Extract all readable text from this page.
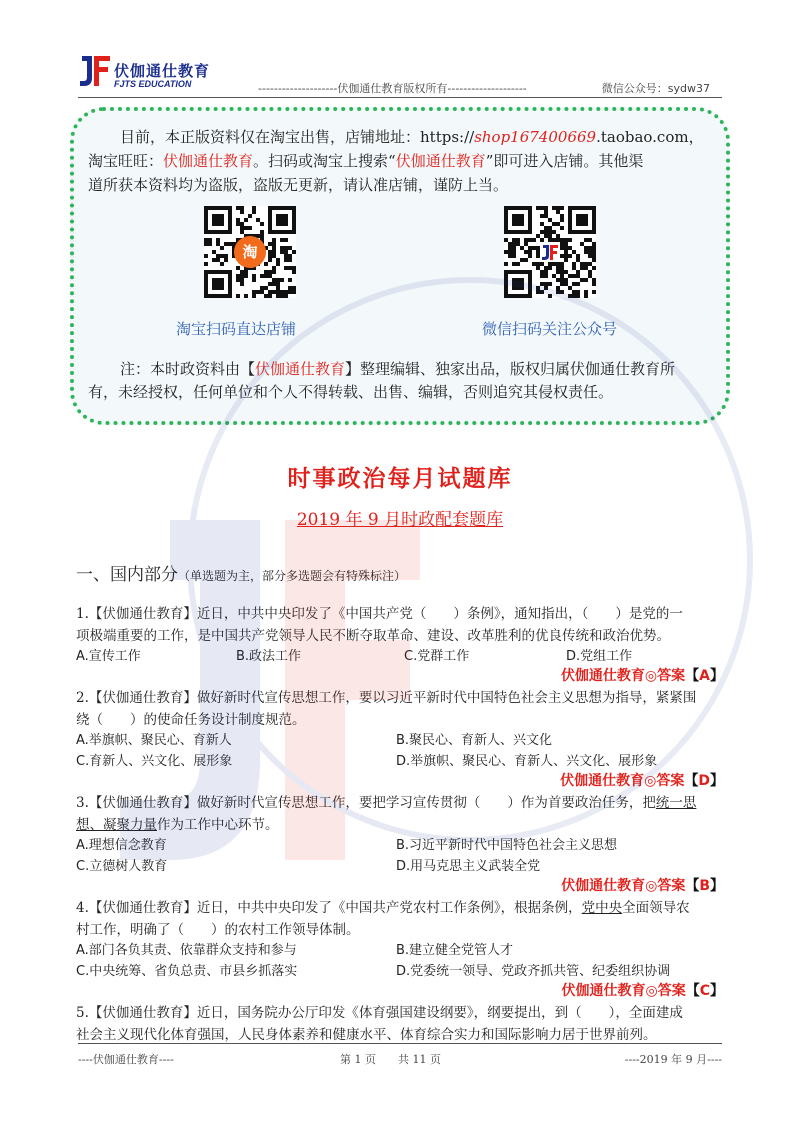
伏伽通仕教育
FJTS EDUCATION	--------------------伏伽通仕教育版权所有--------------------	微信公众号：sydw37
目前，本正版资料仅在淘宝出售，店铺地址：https://shop167400669.taobao.com，
淘宝旺旺：伏伽通仕教育。扫码或淘宝上搜索“伏伽通仕教育”即可进入店铺。其他渠
道所获本资料均为盗版，盗版无更新，请认准店铺，谨防上当。
淘
淘宝扫码直达店铺	微信扫码关注公众号
注：本时政资料由【伏伽通仕教育】整理编辑、独家出品，版权归属伏伽通仕教育所
有，未经授权，任何单位和个人不得转载、出售、编辑，否则追究其侵权责任。
时事政治每月试题库
2019 年 9 月时政配套题库
一、国内部分（单选题为主，部分多选题会有特殊标注）
1.【伏伽通仕教育】近日，中共中央印发了《中国共产党（　　）条例》，通知指出，（　　）是党的一
项极端重要的工作，是中国共产党领导人民不断夺取革命、建设、改革胜利的优良传统和政治优势。
A.宣传工作	B.政法工作	C.党群工作	D.党组工作
伏伽通仕教育◎答案【A】
2.【伏伽通仕教育】做好新时代宣传思想工作，要以习近平新时代中国特色社会主义思想为指导，紧紧围
绕（　　）的使命任务设计制度规范。
A.举旗帜、聚民心、育新人	B.聚民心、育新人、兴文化
C.育新人、兴文化、展形象	D.举旗帜、聚民心、育新人、兴文化、展形象
伏伽通仕教育◎答案【D】
3.【伏伽通仕教育】做好新时代宣传思想工作，要把学习宣传贯彻（　　）作为首要政治任务，把统一思
想、凝聚力量作为工作中心环节。
A.理想信念教育	B.习近平新时代中国特色社会主义思想
C.立德树人教育	D.用马克思主义武装全党
伏伽通仕教育◎答案【B】
4.【伏伽通仕教育】近日，中共中央印发了《中国共产党农村工作条例》，根据条例，党中央全面领导农
村工作，明确了（　　）的农村工作领导体制。
A.部门各负其责、依靠群众支持和参与	B.建立健全党管人才
C.中央统筹、省负总责、市县乡抓落实	D.党委统一领导、党政齐抓共管、纪委组织协调
伏伽通仕教育◎答案【C】
5.【伏伽通仕教育】近日，国务院办公厅印发《体育强国建设纲要》，纲要提出，到（　　），全面建成
社会主义现代化体育强国，人民身体素养和健康水平、体育综合实力和国际影响力居于世界前列。
----伏伽通仕教育----	第 1 页　　共 11 页	----2019 年 9 月----
